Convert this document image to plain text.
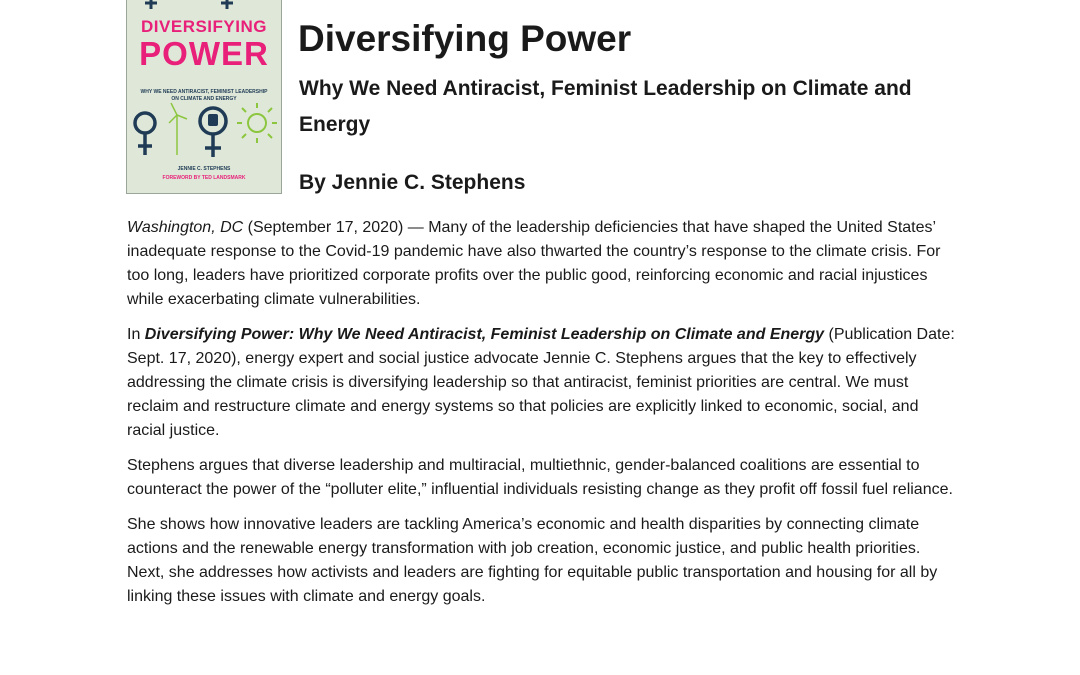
DIVERSIFYING
POWER
WHY WE NEED ANTIRACIST, FEMINIST LEADERSHIP ON CLIMATE AND ENERGY
JENNIE C. STEPHENS
FOREWORD BY TED LANDSMARK
Diversifying Power
Why We Need Antiracist, Feminist Leadership on Climate and Energy
By Jennie C. Stephens

Washington, DC (September 17, 2020) — Many of the leadership deficiencies that have shaped the United States’ inadequate response to the Covid-19 pandemic have also thwarted the country’s response to the climate crisis. For too long, leaders have prioritized corporate profits over the public good, reinforcing economic and racial injustices while exacerbating climate vulnerabilities.

In Diversifying Power: Why We Need Antiracist, Feminist Leadership on Climate and Energy (Publication Date: Sept. 17, 2020), energy expert and social justice advocate Jennie C. Stephens argues that the key to effectively addressing the climate crisis is diversifying leadership so that antiracist, feminist priorities are central. We must reclaim and restructure climate and energy systems so that policies are explicitly linked to economic, social, and racial justice.

Stephens argues that diverse leadership and multiracial, multiethnic, gender-balanced coalitions are essential to counteract the power of the “polluter elite,” influential individuals resisting change as they profit off fossil fuel reliance.

She shows how innovative leaders are tackling America’s economic and health disparities by connecting climate actions and the renewable energy transformation with job creation, economic justice, and public health priorities. Next, she addresses how activists and leaders are fighting for equitable public transportation and housing for all by linking these issues with climate and energy goals.
